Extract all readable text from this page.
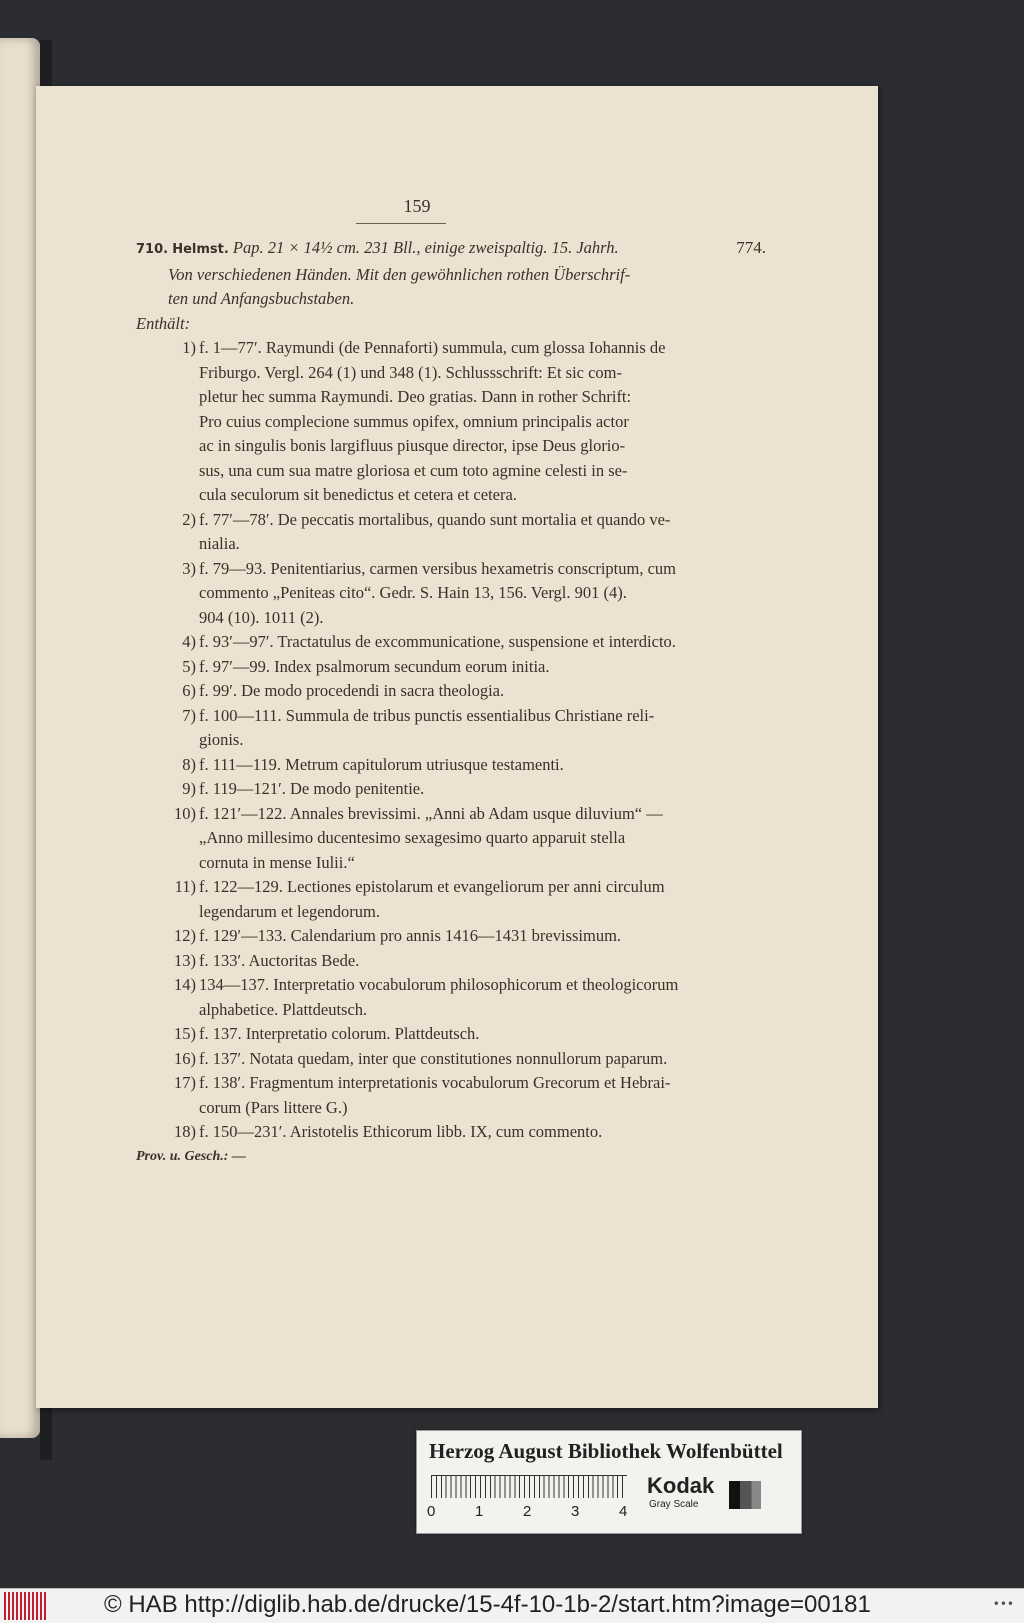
159
774.
710. Helmst. Pap. 21 × 14½ cm. 231 Bll., einige zweispaltig. 15. Jahrh.
Von verschiedenen Händen. Mit den gewöhnlichen rothen Überschrif-
ten und Anfangsbuchstaben.
Enthält:
1) f. 1—77′. Raymundi (de Pennaforti) summula, cum glossa Iohannis de
Friburgo. Vergl. 264 (1) und 348 (1). Schlussschrift: Et sic com-
pletur hec summa Raymundi. Deo gratias. Dann in rother Schrift:
Pro cuius complecione summus opifex, omnium principalis actor
ac in singulis bonis largifluus piusque director, ipse Deus glorio-
sus, una cum sua matre gloriosa et cum toto agmine celesti in se-
cula seculorum sit benedictus et cetera et cetera.
2) f. 77′—78′. De peccatis mortalibus, quando sunt mortalia et quando ve-
nialia.
3) f. 79—93. Penitentiarius, carmen versibus hexametris conscriptum, cum
commento „Peniteas cito“. Gedr. S. Hain 13, 156. Vergl. 901 (4).
904 (10). 1011 (2).
4) f. 93′—97′. Tractatulus de excommunicatione, suspensione et interdicto.
5) f. 97′—99. Index psalmorum secundum eorum initia.
6) f. 99′. De modo procedendi in sacra theologia.
7) f. 100—111. Summula de tribus punctis essentialibus Christiane reli-
gionis.
8) f. 111—119. Metrum capitulorum utriusque testamenti.
9) f. 119—121′. De modo penitentie.
10) f. 121′—122. Annales brevissimi. „Anni ab Adam usque diluvium“ —
„Anno millesimo ducentesimo sexagesimo quarto apparuit stella
cornuta in mense Iulii.“
11) f. 122—129. Lectiones epistolarum et evangeliorum per anni circulum
legendarum et legendorum.
12) f. 129′—133. Calendarium pro annis 1416—1431 brevissimum.
13) f. 133′. Auctoritas Bede.
14) 134—137. Interpretatio vocabulorum philosophicorum et theologicorum
alphabetice. Plattdeutsch.
15) f. 137. Interpretatio colorum. Plattdeutsch.
16) f. 137′. Notata quedam, inter que constitutiones nonnullorum paparum.
17) f. 138′. Fragmentum interpretationis vocabulorum Grecorum et Hebrai-
corum (Pars littere G.)
18) f. 150—231′. Aristotelis Ethicorum libb. IX, cum commento.
Prov. u. Gesch.: —
Herzog August Bibliothek Wolfenbüttel
0	1	2	3	4
Kodak
Gray Scale
© HAB http://diglib.hab.de/drucke/15-4f-10-1b-2/start.htm?image=00181	•••
